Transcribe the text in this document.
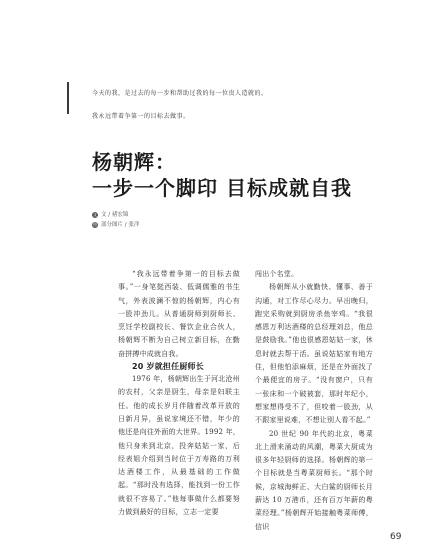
今天的我，是过去的每一步和帮助过我的每一位贵人造就的。

我永远带着争第一的目标去做事。

杨朝辉：
一步一个脚印 目标成就自我
文 文 / 褚宏锦
图 部分图片 / 张洋

“我永远带着争第一的目标去做事。”一身笔挺西装、低调儒雅的书生气，外表波澜不惊的杨朝辉，内心有一股冲劲儿。从普通厨师到厨师长、烹饪学校副校长、餐饮企业合伙人，杨朝辉不断为自己树立新目标，在勤奋拼搏中成就自我。

20 岁就担任厨师长

1976 年，杨朝辉出生于河北沧州的农村，父亲是厨生，母亲是妇联主任。他的成长岁月伴随着改革开放的日新月异，虽说家境还不错，年少的他还是向往外面的大世界。1992 年，他只身来到北京，投奔姑姑一家，后经表姐介绍到当时位于万寿路的万利达酒楼工作，从最基础的工作做起。“那时没有选择，能找到一份工作就很不容易了。”他每事做什么都要努力做到最好的目标，立志一定要

闯出个名堂。

杨朝辉从小就勤快、懂事、善于沟通，对工作尽心尽力。早出晚归，跑完采购就到厨房杀鱼宰鸡。“我很感恩万利达酒楼的总经理刘总，他总是鼓励我。”他也很感恩姑姑一家，休息时就去帮干活。虽说姑姑家有地方住，但他怕添麻烦，还是在外面找了个最便宜的房子。“没有窗户，只有一张床和一个破被套，那时年纪小，想家想得受不了，但咬着一股劲，从不跟家里说难，不想让别人看不起。”

20 世纪 90 年代的北京，粤菜北上滑来涌动的风潮，粤菜大厨成为很多年轻厨师的选择。杨朝辉的第一个目标就是当粤菜厨师长。“那个时候，京城海鲜正、大白鲨的厨师长月薪达 10 万港币，还有百万年薪的粤菜经理。”杨朝辉开始接触粤菜师傅，信识

69
